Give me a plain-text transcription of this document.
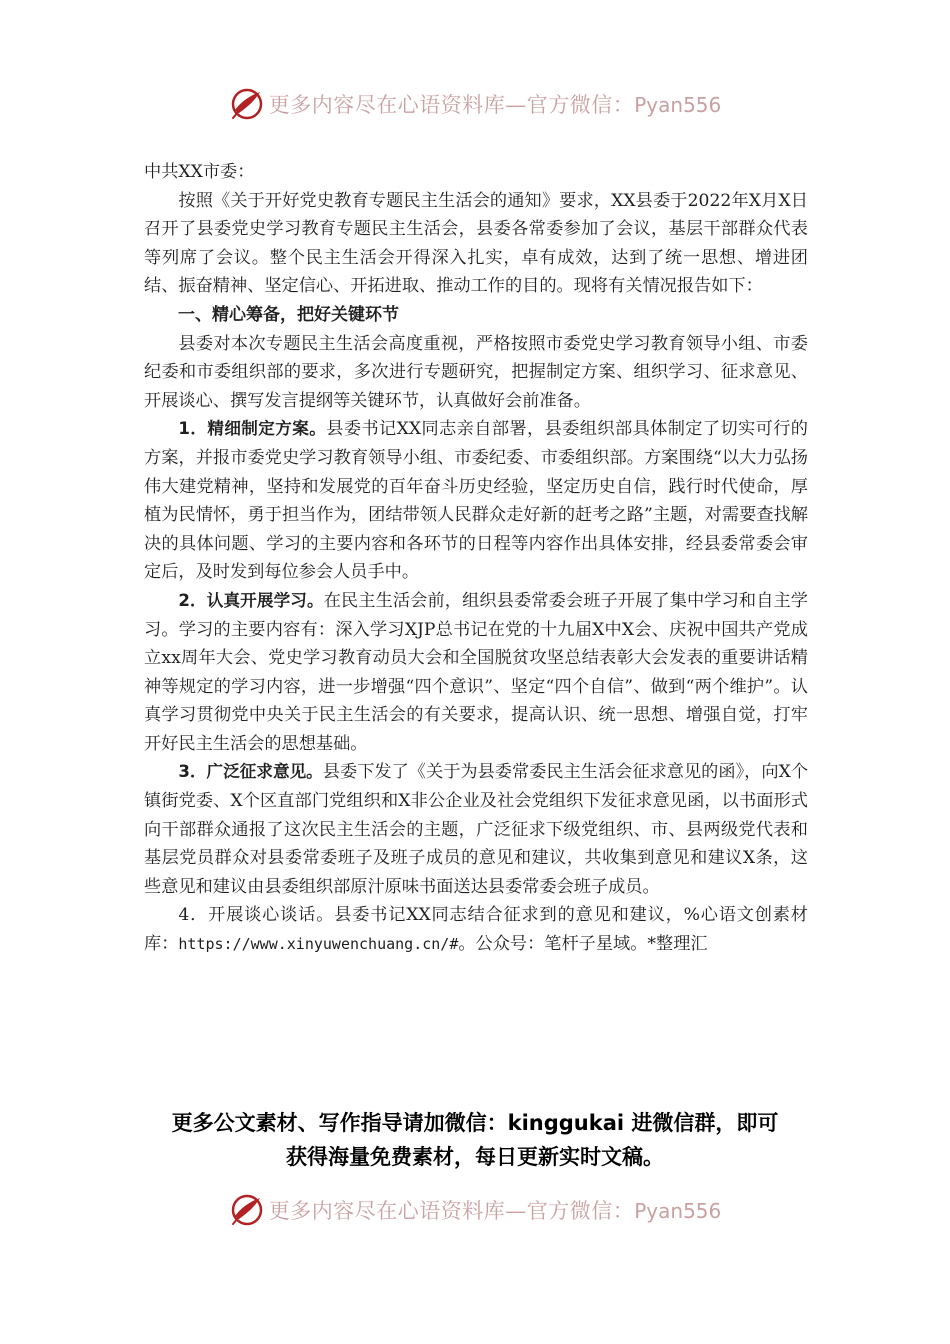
更多内容尽在心语资料库—官方微信：Pyan556

中共XX市委：

按照《关于开好党史教育专题民主生活会的通知》要求，XX县委于2022年X月X日召开了县委党史学习教育专题民主生活会，县委各常委参加了会议，基层干部群众代表等列席了会议。整个民主生活会开得深入扎实，卓有成效，达到了统一思想、增进团结、振奋精神、坚定信心、开拓进取、推动工作的目的。现将有关情况报告如下：

一、精心筹备，把好关键环节

县委对本次专题民主生活会高度重视，严格按照市委党史学习教育领导小组、市委纪委和市委组织部的要求，多次进行专题研究，把握制定方案、组织学习、征求意见、开展谈心、撰写发言提纲等关键环节，认真做好会前准备。

1．精细制定方案。县委书记XX同志亲自部署，县委组织部具体制定了切实可行的方案，并报市委党史学习教育领导小组、市委纪委、市委组织部。方案围绕“以大力弘扬伟大建党精神，坚持和发展党的百年奋斗历史经验，坚定历史自信，践行时代使命，厚植为民情怀，勇于担当作为，团结带领人民群众走好新的赶考之路”主题，对需要查找解决的具体问题、学习的主要内容和各环节的日程等内容作出具体安排，经县委常委会审定后，及时发到每位参会人员手中。

2．认真开展学习。在民主生活会前，组织县委常委会班子开展了集中学习和自主学习。学习的主要内容有：深入学习XJP总书记在党的十九届X中X会、庆祝中国共产党成立xx周年大会、党史学习教育动员大会和全国脱贫攻坚总结表彰大会发表的重要讲话精神等规定的学习内容，进一步增强“四个意识”、坚定“四个自信”、做到“两个维护”。认真学习贯彻党中央关于民主生活会的有关要求，提高认识、统一思想、增强自觉，打牢开好民主生活会的思想基础。

3．广泛征求意见。县委下发了《关于为县委常委民主生活会征求意见的函》，向X个镇街党委、X个区直部门党组织和X非公企业及社会党组织下发征求意见函，以书面形式向干部群众通报了这次民主生活会的主题，广泛征求下级党组织、市、县两级党代表和基层党员群众对县委常委班子及班子成员的意见和建议，共收集到意见和建议X条，这些意见和建议由县委组织部原汁原味书面送达县委常委会班子成员。

4．开展谈心谈话。县委书记XX同志结合征求到的意见和建议，%心语文创素材库：https://www.xinyuwenchuang.cn/#。公众号：笔杆子星域。*整理汇

更多公文素材、写作指导请加微信：kinggukai 进微信群，即可
获得海量免费素材，每日更新实时文稿。
更多内容尽在心语资料库—官方微信：Pyan556
